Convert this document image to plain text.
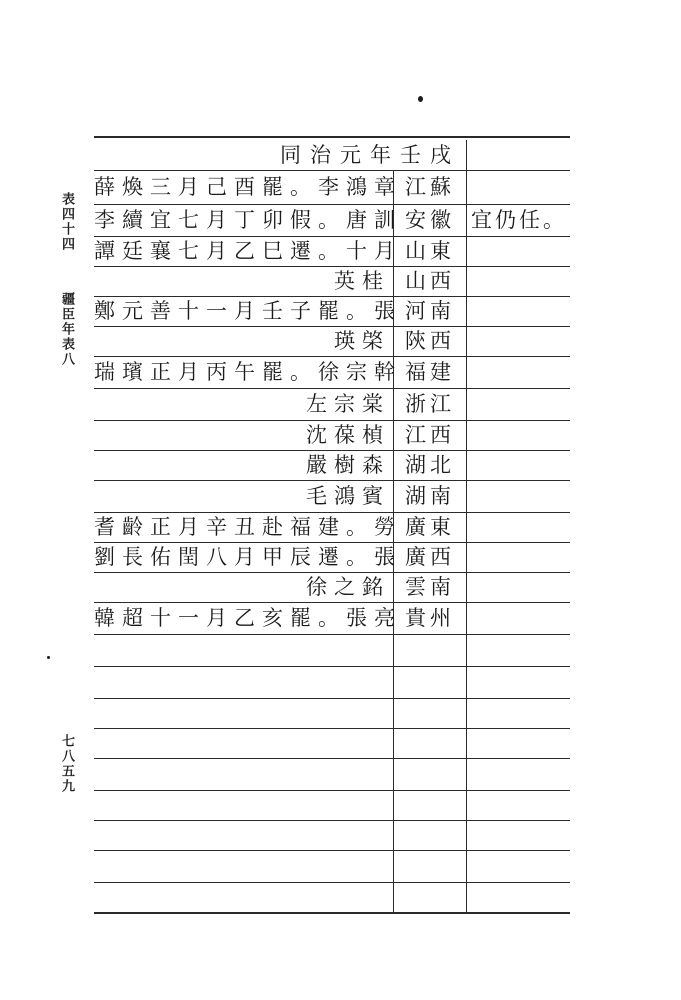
同治元年壬戌
薛煥三月己酉罷。李鴻章 江蘇
李續宜七月丁卯假。唐訓 安徽 宜仍任。
譚廷襄七月乙巳遷。十月 山東
英桂 山西
鄭元善十一月壬子罷。張 河南
瑛棨 陝西
瑞璸正月丙午罷。徐宗幹 福建
左宗棠 浙江
沈葆楨 江西
嚴樹森 湖北
毛鴻賓 湖南
耆齡正月辛丑赴福建。勞 廣東
劉長佑閏八月甲辰遷。張 廣西
徐之銘 雲南
韓超十一月乙亥罷。張亮 貴州
表四十四
疆臣年表八
七八五九
